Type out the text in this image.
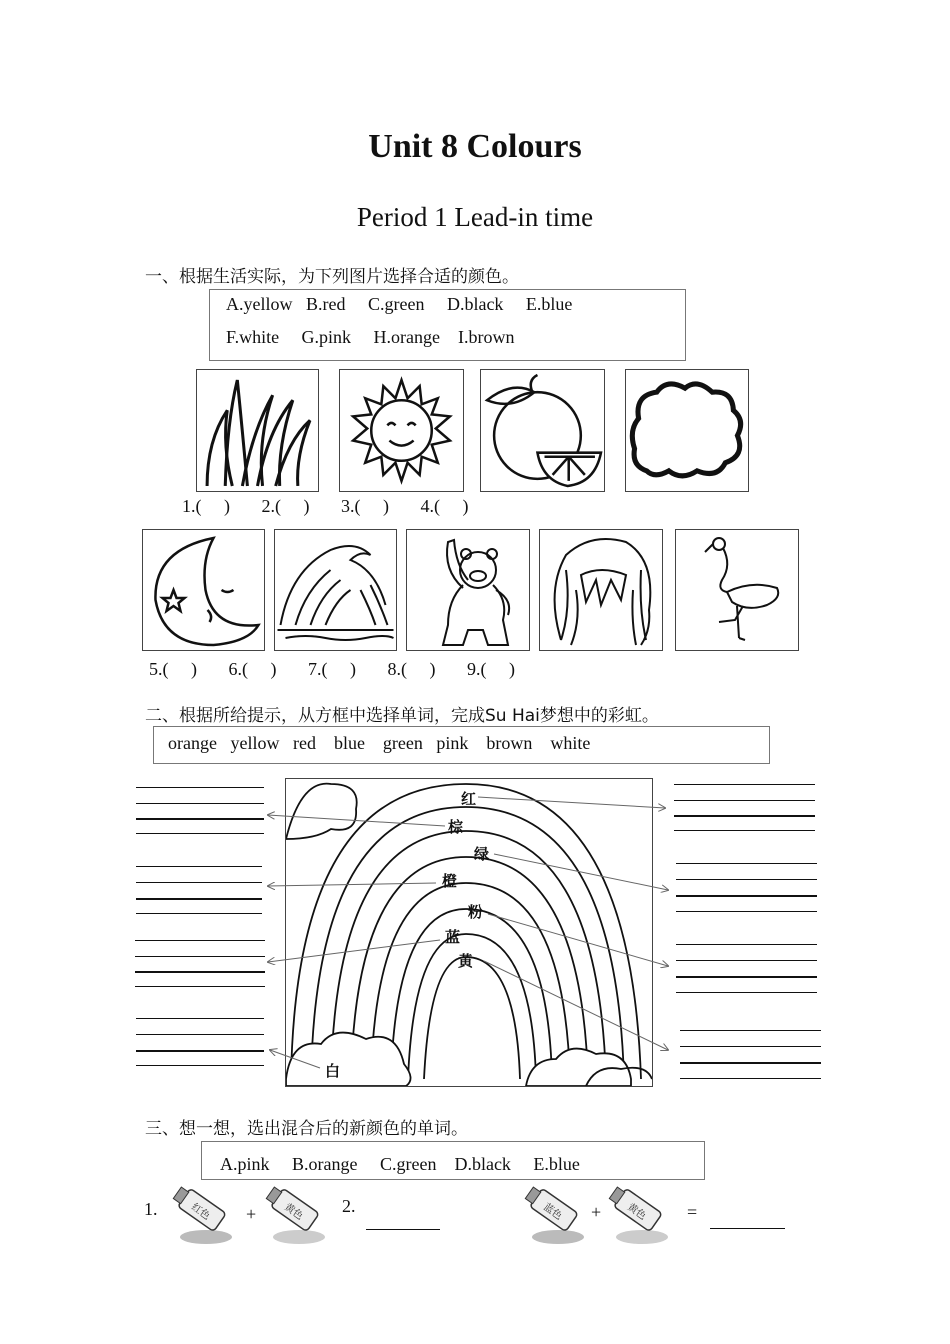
Unit 8 Colours
Period 1 Lead-in time
一、根据生活实际，为下列图片选择合适的颜色。
A.yellow   B.red     C.green     D.black     E.blue
F.white     G.pink     H.orange    I.brown
1.(     )       2.(     )       3.(     )       4.(     )
5.(     )       6.(     )       7.(     )       8.(     )       9.(     )
二、根据所给提示，从方框中选择单词，完成Su Hai梦想中的彩虹。
orange   yellow   red    blue    green   pink    brown    white
红
棕
绿
橙
粉
蓝
黄
白
三、想一想，选出混合后的新颜色的单词。
A.pink     B.orange     C.green    D.black     E.blue
1.	红色 +	黄色 2.	蓝色 + 黄色 =
